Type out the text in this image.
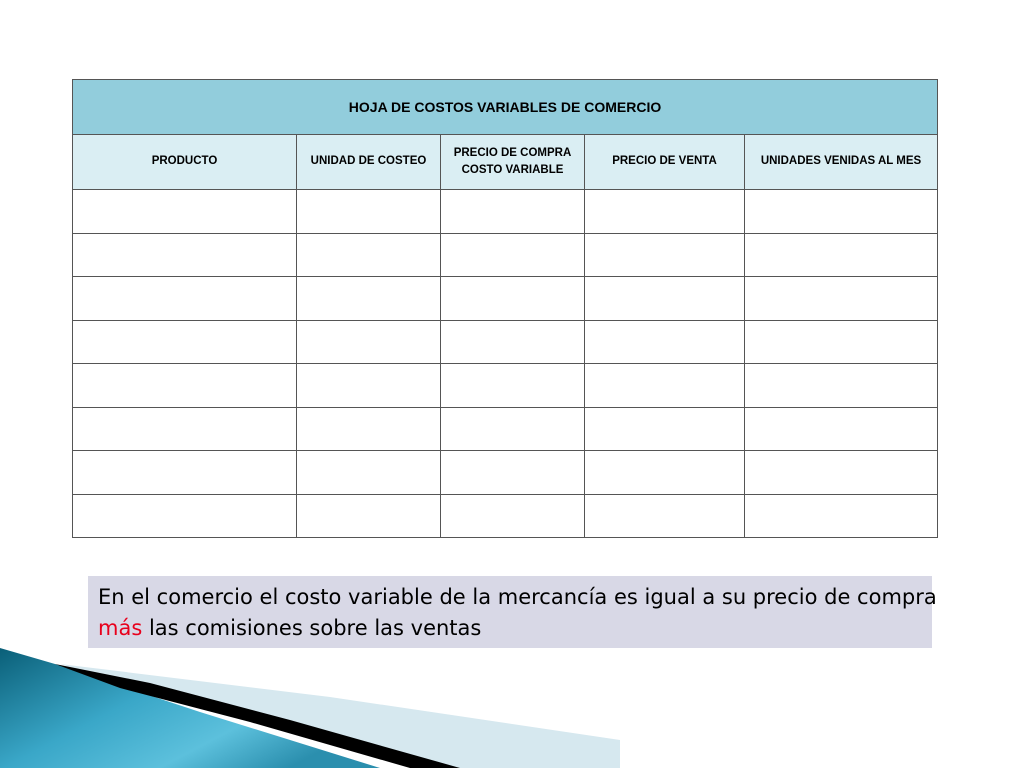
HOJA DE COSTOS VARIABLES DE COMERCIO				
PRODUCTO	UNIDAD DE COSTEO	PRECIO DE COMPRA COSTO VARIABLE	PRECIO DE VENTA	UNIDADES VENIDAS AL MES

En el comercio el costo variable de la mercancía es igual a su precio de compra
más las comisiones sobre las ventas
